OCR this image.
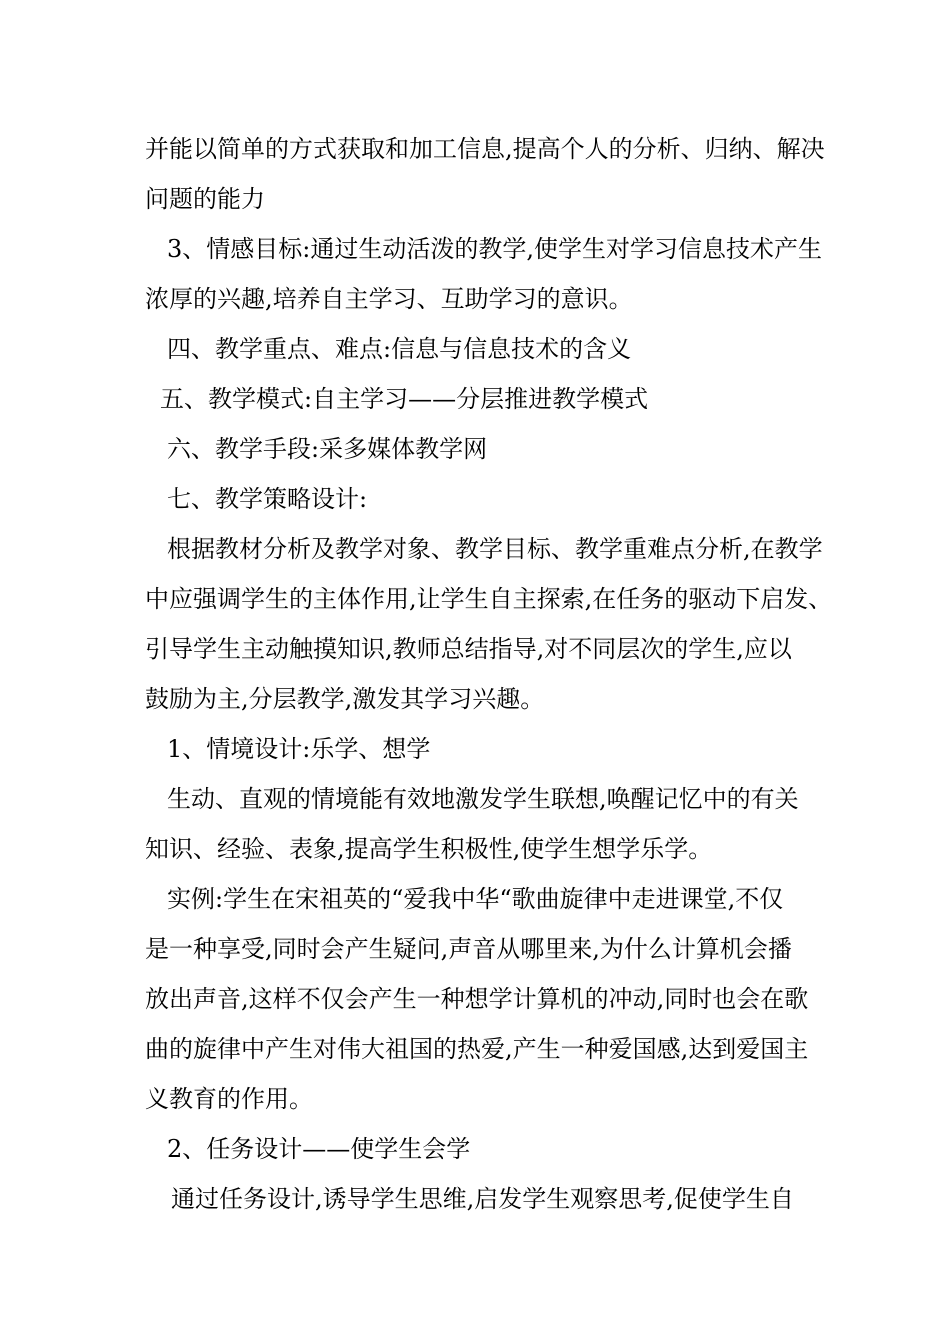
并能以简单的方式获取和加工信息,提高个人的分析、归纳、解决
问题的能力
3、情感目标:通过生动活泼的教学,使学生对学习信息技术产生
浓厚的兴趣,培养自主学习、互助学习的意识。
四、教学重点、难点:信息与信息技术的含义
五、教学模式:自主学习——分层推进教学模式
六、教学手段:采多媒体教学网
七、教学策略设计:
根据教材分析及教学对象、教学目标、教学重难点分析,在教学
中应强调学生的主体作用,让学生自主探索,在任务的驱动下启发、
引导学生主动触摸知识,教师总结指导,对不同层次的学生,应以
鼓励为主,分层教学,激发其学习兴趣。
1、情境设计:乐学、想学
生动、直观的情境能有效地激发学生联想,唤醒记忆中的有关
知识、经验、表象,提高学生积极性,使学生想学乐学。
实例:学生在宋祖英的“爱我中华“歌曲旋律中走进课堂,不仅
是一种享受,同时会产生疑问,声音从哪里来,为什么计算机会播
放出声音,这样不仅会产生一种想学计算机的冲动,同时也会在歌
曲的旋律中产生对伟大祖国的热爱,产生一种爱国感,达到爱国主
义教育的作用。
2、任务设计——使学生会学
通过任务设计,诱导学生思维,启发学生观察思考,促使学生自
